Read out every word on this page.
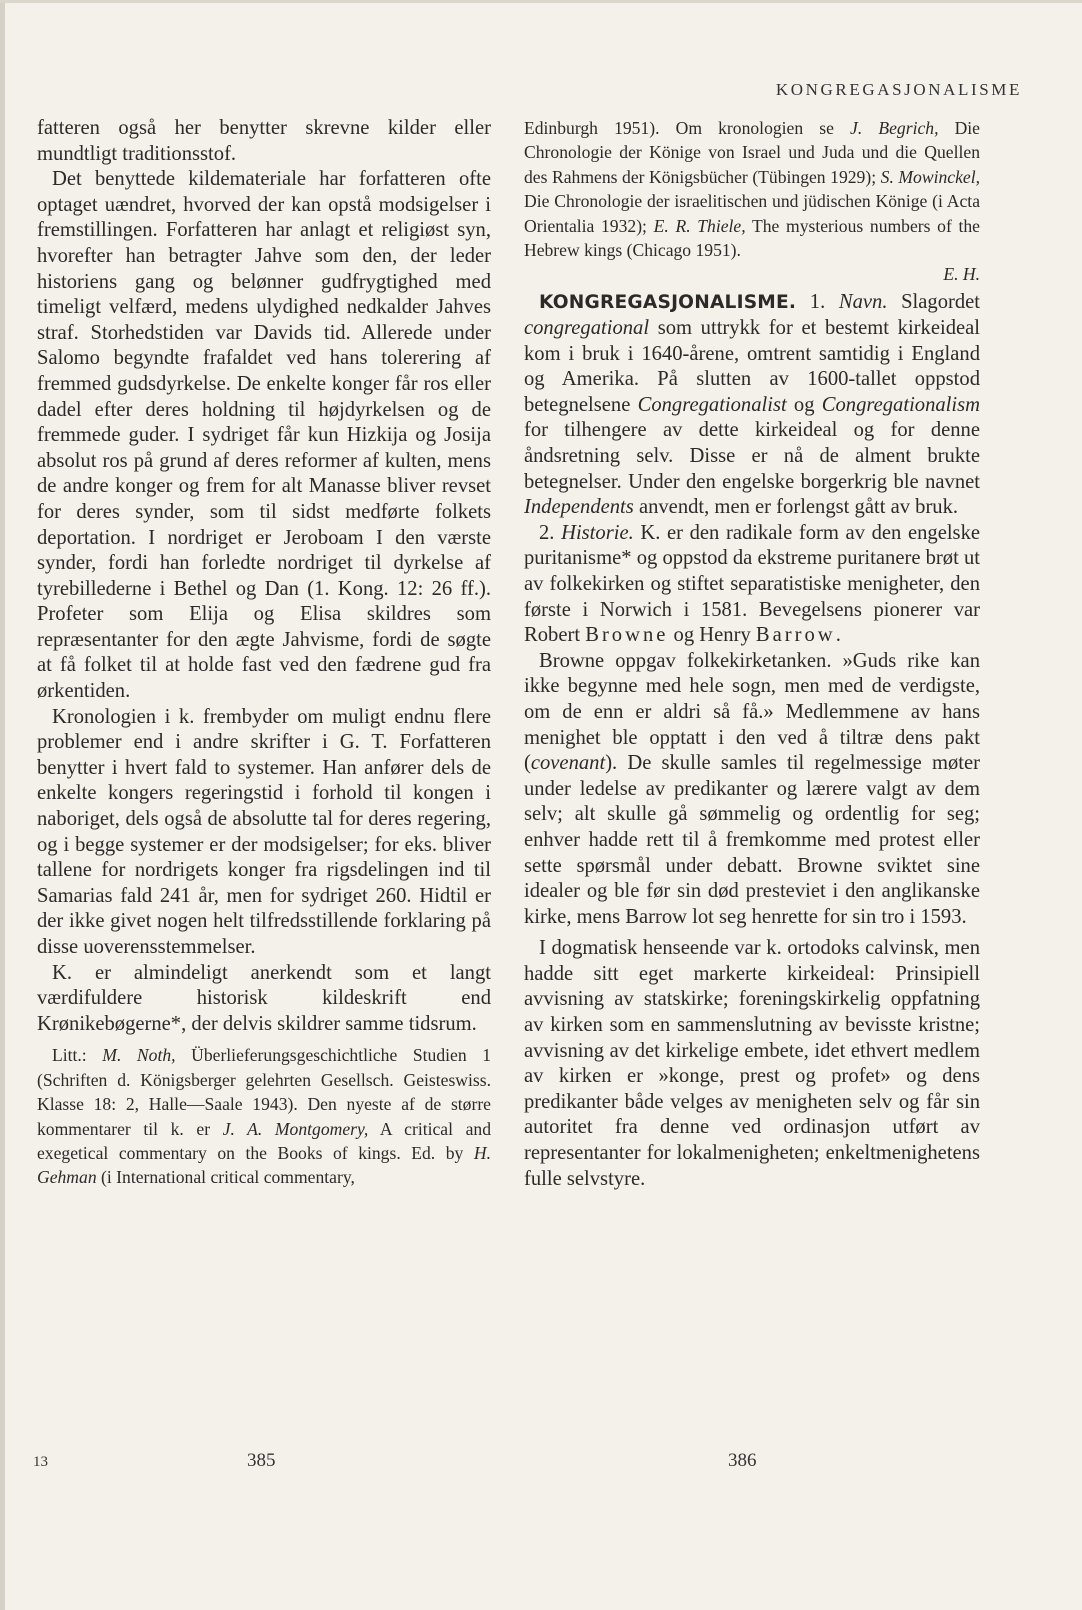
KONGREGASJONALISME

fatteren også her benytter skrevne kilder eller mundtligt traditionsstof.

Det benyttede kildemateriale har forfatteren ofte optaget uændret, hvorved der kan opstå modsigelser i fremstillingen. Forfatteren har anlagt et religiøst syn, hvorefter han betragter Jahve som den, der leder historiens gang og belønner gudfrygtighed med timeligt velfærd, medens ulydighed nedkalder Jahves straf. Storhedstiden var Davids tid. Allerede under Salomo begyndte frafaldet ved hans tolerering af fremmed gudsdyrkelse. De enkelte konger får ros eller dadel efter deres holdning til højdyrkelsen og de fremmede guder. I sydriget får kun Hizkija og Josija absolut ros på grund af deres reformer af kulten, mens de andre konger og frem for alt Manasse bliver revset for deres synder, som til sidst medførte folkets deportation. I nordriget er Jeroboam I den værste synder, fordi han forledte nordriget til dyrkelse af tyrebillederne i Bethel og Dan (1. Kong. 12: 26 ff.). Profeter som Elija og Elisa skildres som repræsentanter for den ægte Jahvisme, fordi de søgte at få folket til at holde fast ved den fædrene gud fra ørkentiden.

Kronologien i k. frembyder om muligt endnu flere problemer end i andre skrifter i G. T. Forfatteren benytter i hvert fald to systemer. Han anfører dels de enkelte kongers regeringstid i forhold til kongen i naboriget, dels også de absolutte tal for deres regering, og i begge systemer er der modsigelser; for eks. bliver tallene for nordrigets konger fra rigsdelingen ind til Samarias fald 241 år, men for sydriget 260. Hidtil er der ikke givet nogen helt tilfredsstillende forklaring på disse uoverensstemmelser.

K. er almindeligt anerkendt som et langt værdifuldere historisk kildeskrift end Krønikebøgerne*, der delvis skildrer samme tidsrum.

Litt.: M. Noth, Überlieferungsgeschichtliche Studien 1 (Schriften d. Königsberger gelehrten Gesellsch. Geisteswiss. Klasse 18: 2, Halle—Saale 1943). Den nyeste af de større kommentarer til k. er J. A. Montgomery, A critical and exegetical commentary on the Books of kings. Ed. by H. Gehman (i International critical commentary,

Edinburgh 1951). Om kronologien se J. Begrich, Die Chronologie der Könige von Israel und Juda und die Quellen des Rahmens der Königsbücher (Tübingen 1929); S. Mowinckel, Die Chronologie der israelitischen und jüdischen Könige (i Acta Orientalia 1932); E. R. Thiele, The mysterious numbers of the Hebrew kings (Chicago 1951).

E. H.

KONGREGASJONALISME. 1. Navn. Slagordet congregational som uttrykk for et bestemt kirkeideal kom i bruk i 1640-årene, omtrent samtidig i England og Amerika. På slutten av 1600-tallet oppstod betegnelsene Congregationalist og Congregationalism for tilhengere av dette kirkeideal og for denne åndsretning selv. Disse er nå de alment brukte betegnelser. Under den engelske borgerkrig ble navnet Independents anvendt, men er forlengst gått av bruk.

2. Historie. K. er den radikale form av den engelske puritanisme* og oppstod da ekstreme puritanere brøt ut av folkekirken og stiftet separatistiske menigheter, den første i Norwich i 1581. Bevegelsens pionerer var Robert Browne og Henry Barrow.

Browne oppgav folkekirketanken. »Guds rike kan ikke begynne med hele sogn, men med de verdigste, om de enn er aldri så få.» Medlemmene av hans menighet ble opptatt i den ved å tiltræ dens pakt (covenant). De skulle samles til regelmessige møter under ledelse av predikanter og lærere valgt av dem selv; alt skulle gå sømmelig og ordentlig for seg; enhver hadde rett til å fremkomme med protest eller sette spørsmål under debatt. Browne sviktet sine idealer og ble før sin død presteviet i den anglikanske kirke, mens Barrow lot seg henrette for sin tro i 1593.

I dogmatisk henseende var k. ortodoks calvinsk, men hadde sitt eget markerte kirkeideal: Prinsipiell avvisning av statskirke; foreningskirkelig oppfatning av kirken som en sammenslutning av bevisste kristne; avvisning av det kirkelige embete, idet ethvert medlem av kirken er »konge, prest og profet» og dens predikanter både velges av menigheten selv og får sin autoritet fra denne ved ordinasjon utført av representanter for lokalmenigheten; enkeltmenighetens fulle selvstyre.

13	385	386
